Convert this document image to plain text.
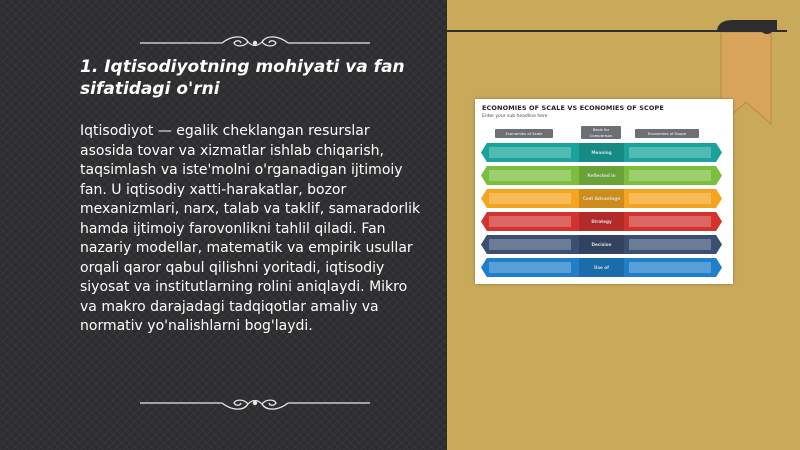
1. Iqtisodiyotning mohiyati va fan sifatidagi o'rni
Iqtisodiyot — egalik cheklangan resurslar asosida tovar va xizmatlar ishlab chiqarish, taqsimlash va iste'molni o'rganadigan ijtimoiy fan. U iqtisodiy xatti-harakatlar, bozor mexanizmlari, narx, talab va taklif, samaradorlik hamda ijtimoiy farovonlikni tahlil qiladi. Fan nazariy modellar, matematik va empirik usullar orqali qaror qabul qilishni yoritadi, iqtisodiy siyosat va institutlarning rolini aniqlaydi. Mikro va makro darajadagi tadqiqotlar amaliy va normativ yo'nalishlarni bog'laydi.
ECONOMIES OF SCALE VS ECONOMIES OF SCOPE
Enter your sub headline here
Economies of Scale
Basis for Comparison	Economies of Scope
Meaning
Reflected in
Cost Advantage
Strategy
Decision
Use of
